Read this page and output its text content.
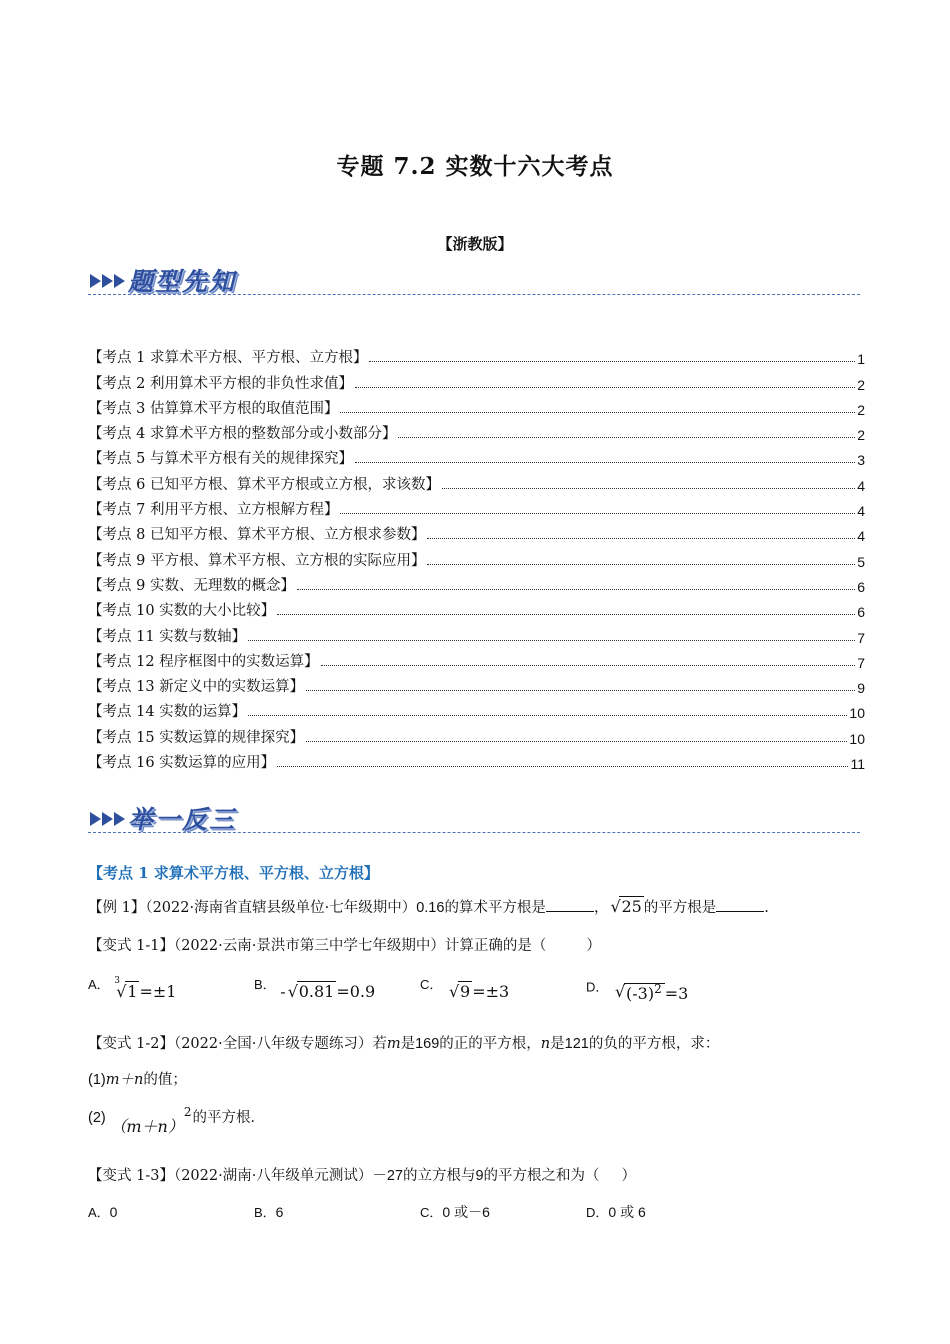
专题 7.2 实数十六大考点
【浙教版】
题型先知
【考点 1 求算术平方根、平方根、立方根】	1
【考点 2 利用算术平方根的非负性求值】	2
【考点 3 估算算术平方根的取值范围】	2
【考点 4 求算术平方根的整数部分或小数部分】	2
【考点 5 与算术平方根有关的规律探究】	3
【考点 6 已知平方根、算术平方根或立方根，求该数】	4
【考点 7 利用平方根、立方根解方程】	4
【考点 8 已知平方根、算术平方根、立方根求参数】	4
【考点 9 平方根、算术平方根、立方根的实际应用】	5
【考点 9 实数、无理数的概念】	6
【考点 10 实数的大小比较】	6
【考点 11 实数与数轴】	7
【考点 12 程序框图中的实数运算】	7
【考点 13 新定义中的实数运算】	9
【考点 14 实数的运算】	10
【考点 15 实数运算的规律探究】	10
【考点 16 实数运算的应用】	11
举一反三
【考点 1 求算术平方根、平方根、立方根】
【例 1】（2022·海南省直辖县级单位·七年级期中）0.16的算术平方根是	， √ 25 的平方根是	.
【变式 1-1】（2022·云南·景洪市第三中学七年级期中）计算正确的是（	）
A． 3
√ 1 =±1	B． - √ 0.81 =0.9	C． √ 9 =±3	D． √ $(-3)^2 =3$
【变式 1-2】（2022·全国·八年级专题练习）若m是169的正的平方根，n是121的负的平方根，求：
(1)m＋n的值；
(2) $(m+n)^2$的平方根．
【变式 1-3】（2022·湖南·八年级单元测试）－27的立方根与9的平方根之和为（ ）
A．0	B．6	C．0 或－6	D．0 或 6
